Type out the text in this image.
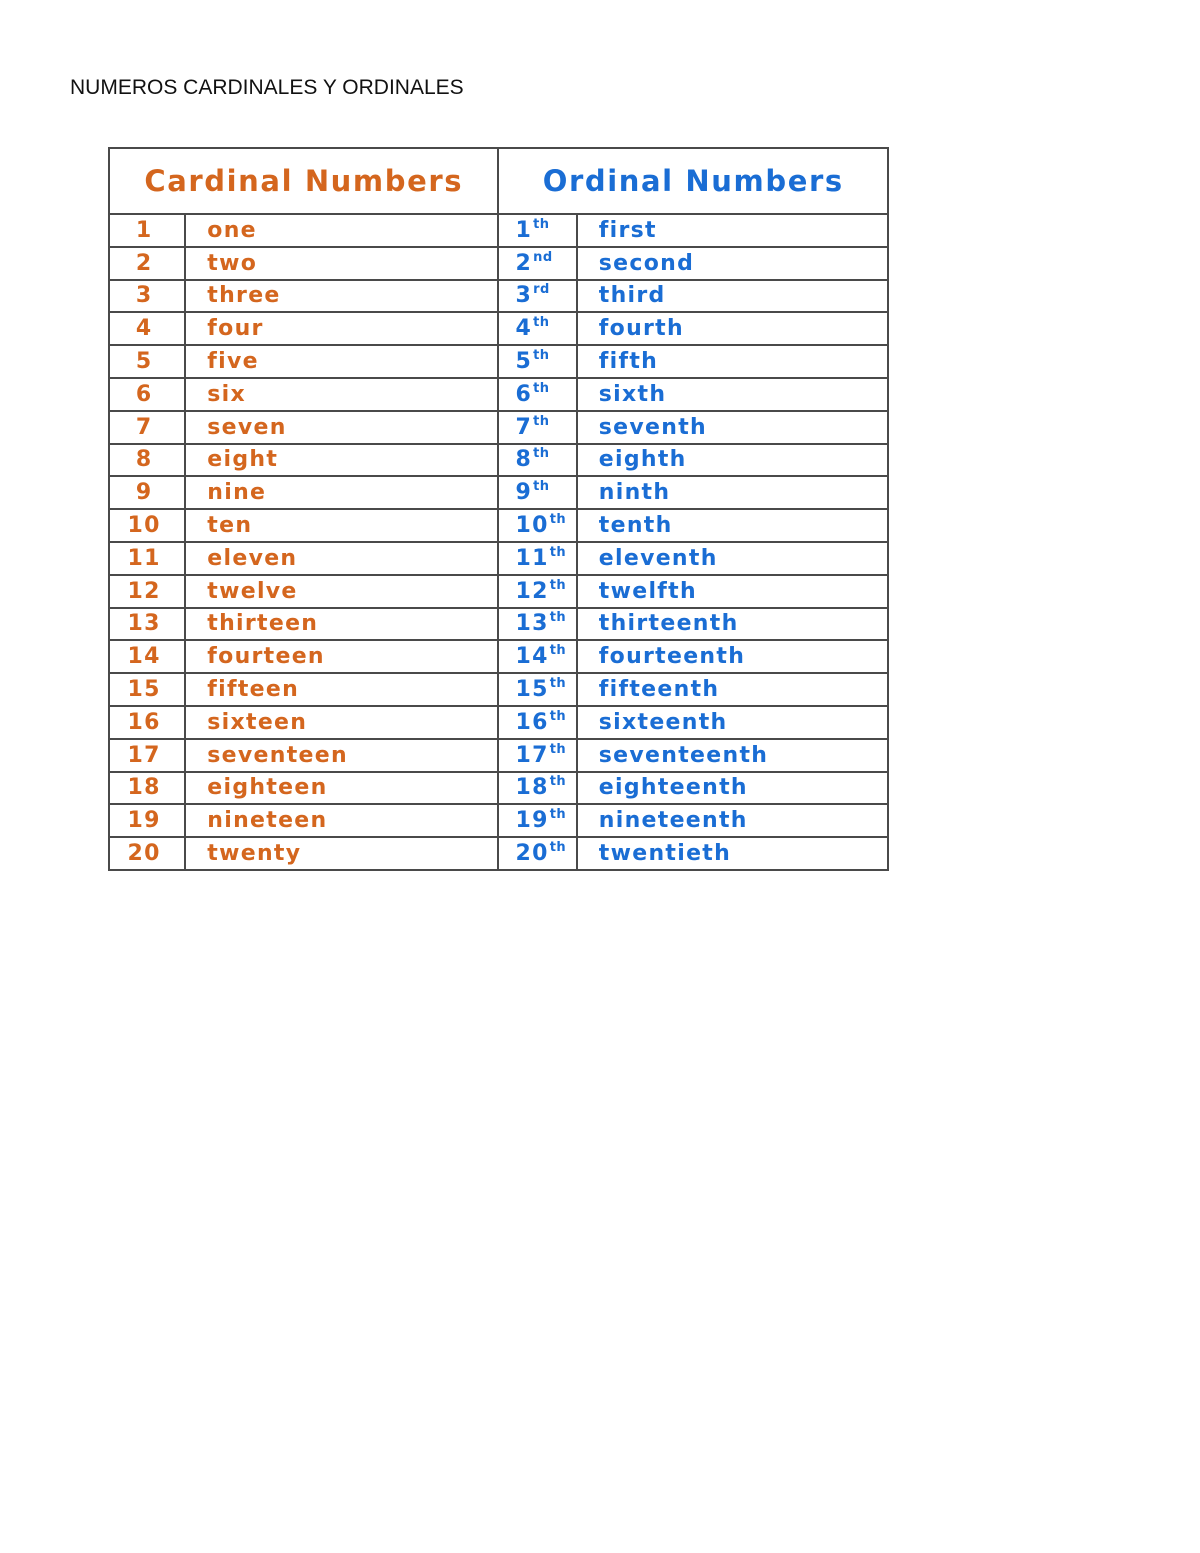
NUMEROS CARDINALES Y ORDINALES
Cardinal Numbers		Ordinal Numbers	
1	one	1th	first
2	two	2nd	second
3	three	3rd	third
4	four	4th	fourth
5	five	5th	fifth
6	six	6th	sixth
7	seven	7th	seventh
8	eight	8th	eighth
9	nine	9th	ninth
10	ten	10th	tenth
11	eleven	11th	eleventh
12	twelve	12th	twelfth
13	thirteen	13th	thirteenth
14	fourteen	14th	fourteenth
15	fifteen	15th	fifteenth
16	sixteen	16th	sixteenth
17	seventeen	17th	seventeenth
18	eighteen	18th	eighteenth
19	nineteen	19th	nineteenth
20	twenty	20th	twentieth
